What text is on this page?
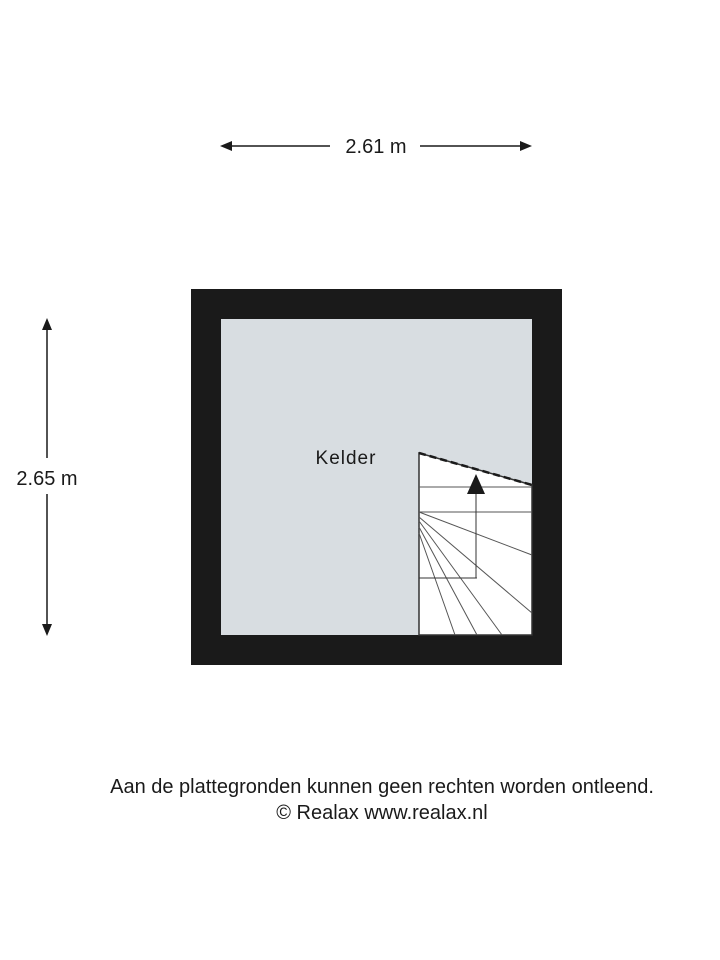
2.61 m
2.65 m
Kelder
Aan de plattegronden kunnen geen rechten worden ontleend.
© Realax www.realax.nl
